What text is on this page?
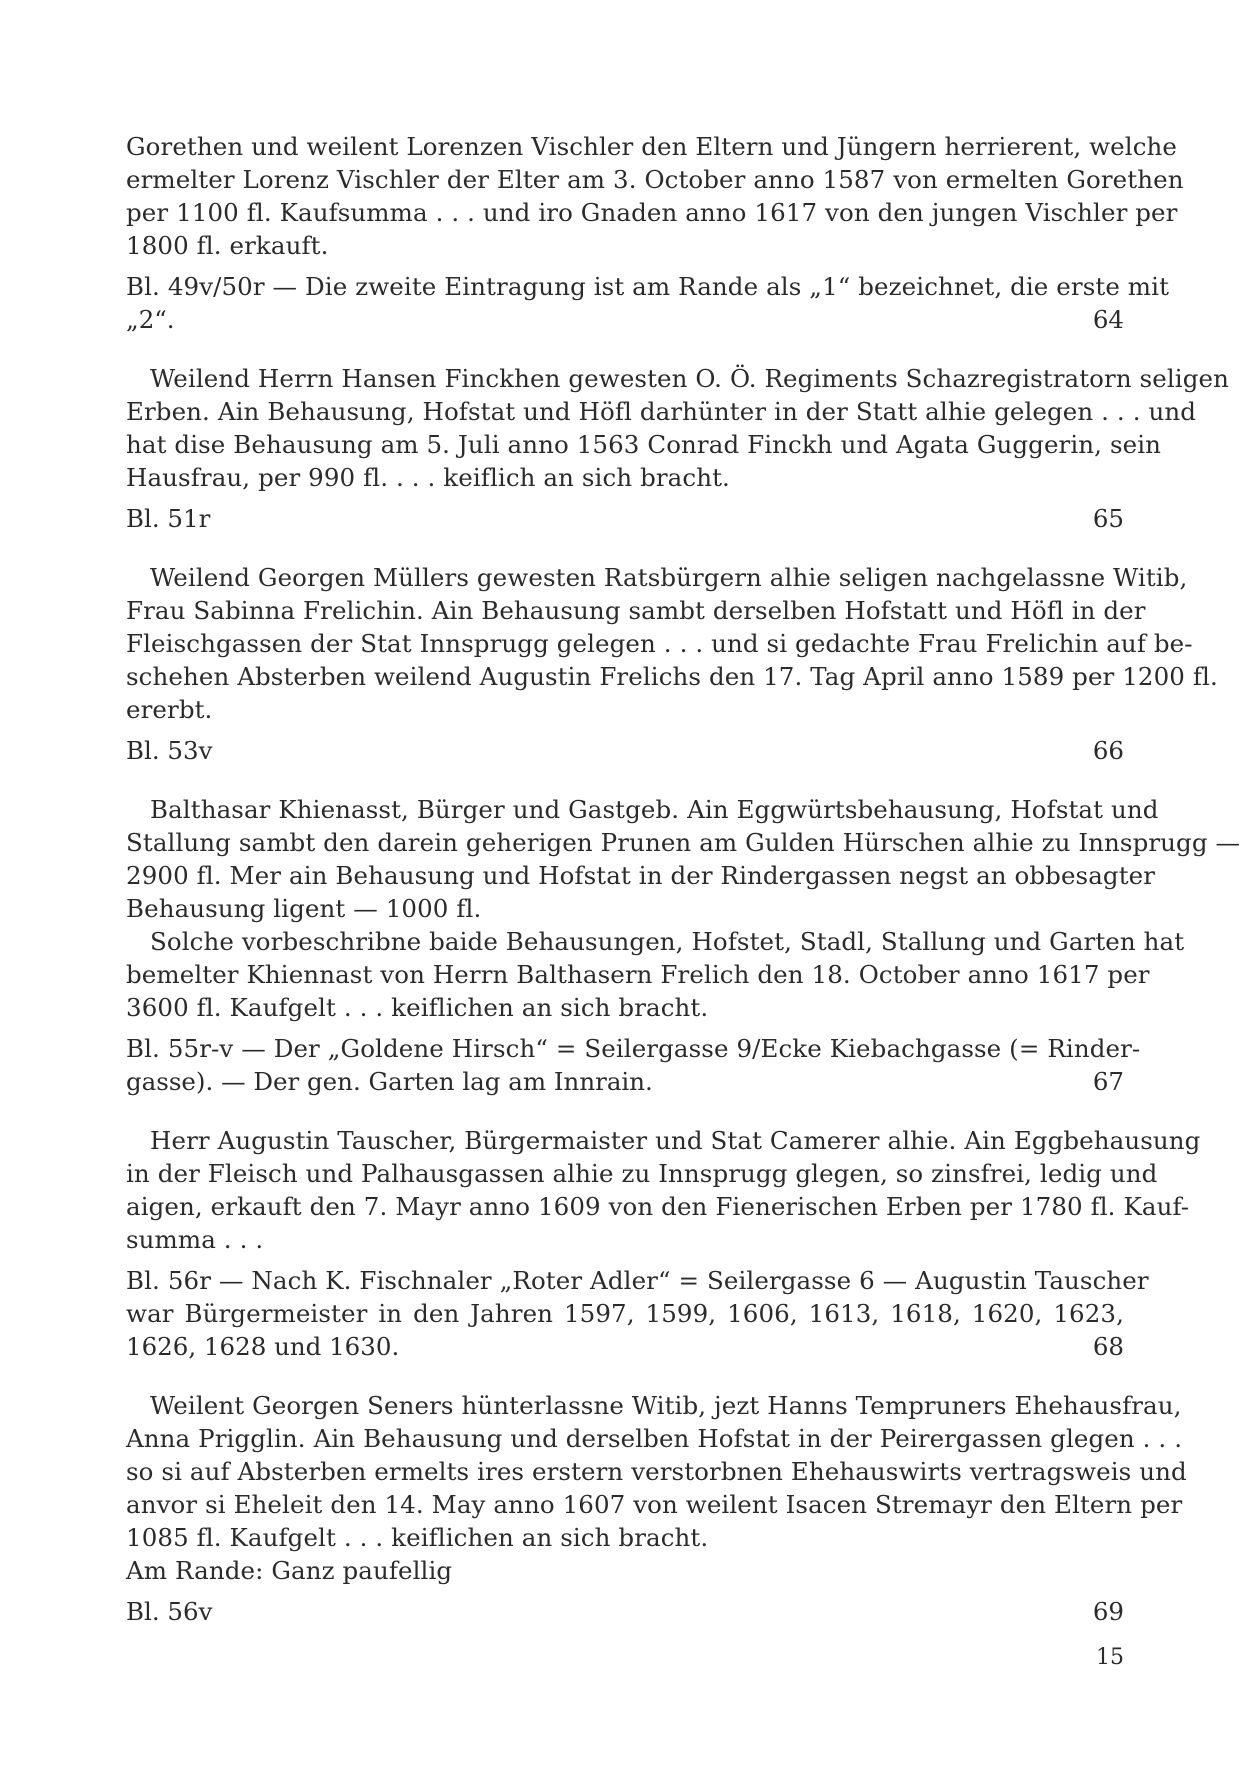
Gorethen und weilent Lorenzen Vischler den Eltern und Jüngern herrierent, welche
ermelter Lorenz Vischler der Elter am 3. October anno 1587 von ermelten Gorethen
per 1100 fl. Kaufsumma . . . und iro Gnaden anno 1617 von den jungen Vischler per
1800 fl. erkauft.
Bl. 49v/50r — Die zweite Eintragung ist am Rande als „1“ bezeichnet, die erste mit
„2“.	64
Weilend Herrn Hansen Finckhen gewesten O. Ö. Regiments Schazregistratorn seligen
Erben. Ain Behausung, Hofstat und Höfl darhünter in der Statt alhie gelegen . . . und
hat dise Behausung am 5. Juli anno 1563 Conrad Finckh und Agata Guggerin, sein
Hausfrau, per 990 fl. . . . keiflich an sich bracht.
Bl. 51r	65
Weilend Georgen Müllers gewesten Ratsbürgern alhie seligen nachgelassne Witib,
Frau Sabinna Frelichin. Ain Behausung sambt derselben Hofstatt und Höfl in der
Fleischgassen der Stat Innsprugg gelegen . . . und si gedachte Frau Frelichin auf be-
schehen Absterben weilend Augustin Frelichs den 17. Tag April anno 1589 per 1200 fl.
ererbt.
Bl. 53v	66
Balthasar Khienasst, Bürger und Gastgeb. Ain Eggwürtsbehausung, Hofstat und
Stallung sambt den darein geherigen Prunen am Gulden Hürschen alhie zu Innsprugg —
2900 fl. Mer ain Behausung und Hofstat in der Rindergassen negst an obbesagter
Behausung ligent — 1000 fl.
Solche vorbeschribne baide Behausungen, Hofstet, Stadl, Stallung und Garten hat
bemelter Khiennast von Herrn Balthasern Frelich den 18. October anno 1617 per
3600 fl. Kaufgelt . . . keiflichen an sich bracht.
Bl. 55r-v — Der „Goldene Hirsch“ = Seilergasse 9/Ecke Kiebachgasse (= Rinder-
gasse). — Der gen. Garten lag am Innrain.	67
Herr Augustin Tauscher, Bürgermaister und Stat Camerer alhie. Ain Eggbehausung
in der Fleisch und Palhausgassen alhie zu Innsprugg glegen, so zinsfrei, ledig und
aigen, erkauft den 7. Mayr anno 1609 von den Fienerischen Erben per 1780 fl. Kauf-
summa . . .
Bl. 56r — Nach K. Fischnaler „Roter Adler“ = Seilergasse 6 — Augustin Tauscher
war Bürgermeister in den Jahren 1597, 1599, 1606, 1613, 1618, 1620, 1623,
1626, 1628 und 1630.	68
Weilent Georgen Seners hünterlassne Witib, jezt Hanns Tempruners Ehehausfrau,
Anna Prigglin. Ain Behausung und derselben Hofstat in der Peirergassen glegen . . .
so si auf Absterben ermelts ires erstern verstorbnen Ehehauswirts vertragsweis und
anvor si Eheleit den 14. May anno 1607 von weilent Isacen Stremayr den Eltern per
1085 fl. Kaufgelt . . . keiflichen an sich bracht.
Am Rande: Ganz paufellig
Bl. 56v	69
15
